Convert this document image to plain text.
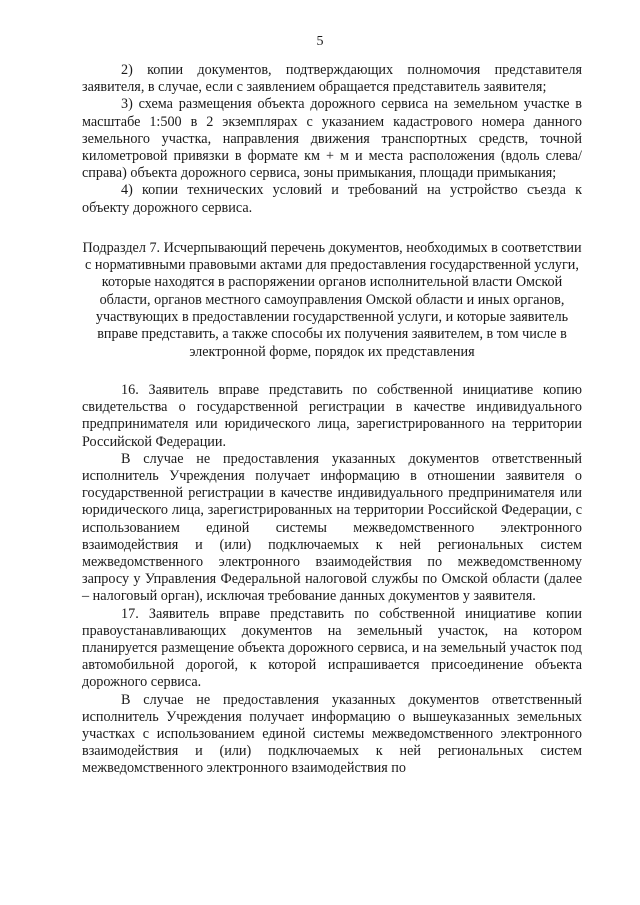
5

2) копии документов, подтверждающих полномочия представителя заявителя, в случае, если с заявлением обращается представитель заявителя;

3) схема размещения объекта дорожного сервиса на земельном участке в масштабе 1:500 в 2 экземплярах с указанием кадастрового номера данного земельного участка, направления движения транспортных средств, точной километровой привязки в формате км + м и места расположения (вдоль слева/справа) объекта дорожного сервиса, зоны примыкания, площади примыкания;

4) копии технических условий и требований на устройство съезда к объекту дорожного сервиса.

Подраздел 7. Исчерпывающий перечень документов, необходимых в соответствии с нормативными правовыми актами для предоставления государственной услуги, которые находятся в распоряжении органов исполнительной власти Омской области, органов местного самоуправления Омской области и иных органов, участвующих в предоставлении государственной услуги, и которые заявитель вправе представить, а также способы их получения заявителем, в том числе в электронной форме, порядок их представления

16. Заявитель вправе представить по собственной инициативе копию свидетельства о государственной регистрации в качестве индивидуального предпринимателя или юридического лица, зарегистрированного на территории Российской Федерации.

В случае не предоставления указанных документов ответственный исполнитель Учреждения получает информацию в отношении заявителя о государственной регистрации в качестве индивидуального предпринимателя или юридического лица, зарегистрированных на территории Российской Федерации, с использованием единой системы межведомственного электронного взаимодействия и (или) подключаемых к ней региональных систем межведомственного электронного взаимодействия по межведомственному запросу у Управления Федеральной налоговой службы по Омской области (далее – налоговый орган), исключая требование данных документов у заявителя.

17. Заявитель вправе представить по собственной инициативе копии правоустанавливающих документов на земельный участок, на котором планируется размещение объекта дорожного сервиса, и на земельный участок под автомобильной дорогой, к которой испрашивается присоединение объекта дорожного сервиса.

В случае не предоставления указанных документов ответственный исполнитель Учреждения получает информацию о вышеуказанных земельных участках с использованием единой системы межведомственного электронного взаимодействия и (или) подключаемых к ней региональных систем межведомственного электронного взаимодействия по
